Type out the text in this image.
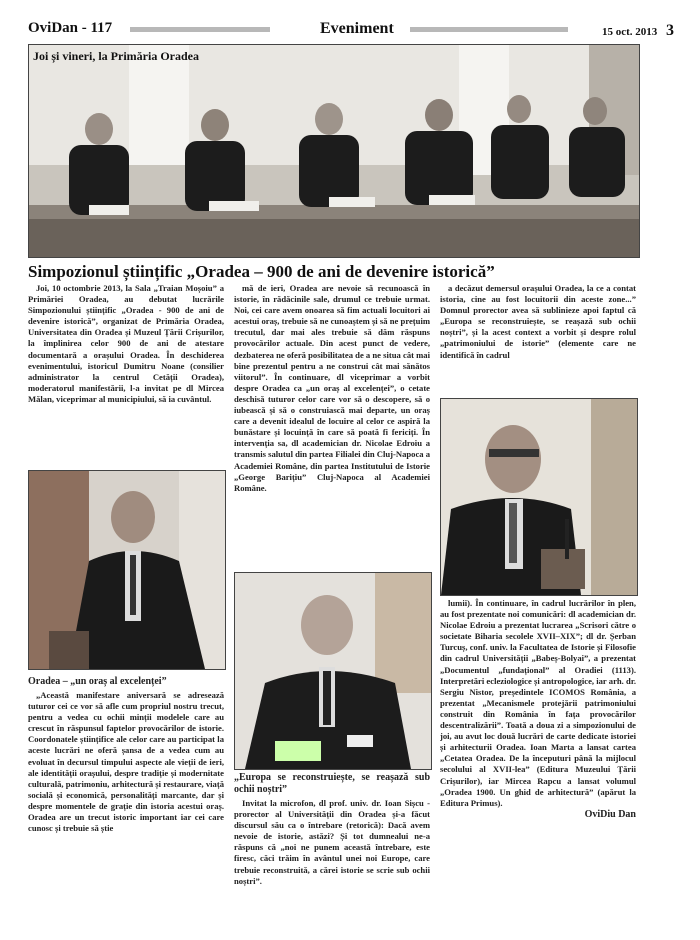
OviDan - 117	Eveniment	15 oct. 2013 3
Joi și vineri, la Primăria Oradea
Simpozionul științific „Oradea – 900 de ani de devenire istorică”

Joi, 10 octombrie 2013, la Sala „Traian Moșoiu” a Primăriei Oradea, au debutat lucrările Simpozionului științific „Oradea - 900 de ani de devenire istorică”, organizat de Primăria Oradea, Universitatea din Oradea și Muzeul Țării Crișurilor, la împlinirea celor 900 de ani de atestare documentară a orașului Oradea. În deschiderea evenimentului, istoricul Dumitru Noane (consilier administrator la centrul Cetății Oradea), moderatorul manifestării, l-a invitat pe dl Mircea Mălan, viceprimar al municipiului, să ia cuvântul.

Oradea – „un oraș al excelenței”

„Această manifestare aniversară se adresează tuturor cei ce vor să afle cum propriul nostru trecut, pentru a vedea cu ochii minții modelele care au crescut în răspunsul faptelor provocărilor de istorie. Coordonatele științifice ale celor care au participat la aceste lucrări ne oferă șansa de a vedea cum au evoluat în decursul timpului aspecte ale vieții de ieri, ale identității orașului, despre tradiție și modernitate culturală, patrimoniu, arhitectură și restaurare, viață socială și economică, personalități marcante, dar și despre momentele de grație din istoria acestui oraș. Oradea are un trecut istoric important iar cei care cunosc și trebuie să știe

mă de ieri, Oradea are nevoie să recunoască în istorie, în rădăcinile sale, drumul ce trebuie urmat. Noi, cei care avem onoarea să fim actuali locuitori ai acestui oraș, trebuie să ne cunoaștem și să ne prețuim trecutul, dar mai ales trebuie să dăm răspuns provocărilor actuale. Din acest punct de vedere, dezbaterea ne oferă posibilitatea de a ne situa cât mai bine prezentul pentru a ne construi cât mai sănătos viitorul”. În continuare, dl viceprimar a vorbit despre Oradea ca „un oraș al excelenței”, o cetate deschisă tuturor celor care vor să o descopere, să o iubească și să o construiască mai departe, un oraș care a devenit idealul de locuire al celor ce aspiră la bunăstare și locuință în care să poată fi fericiți. În intervenția sa, dl academician dr. Nicolae Edroiu a transmis salutul din partea Filialei din Cluj-Napoca a Academiei Române, din partea Institutului de Istorie „George Barițiu” Cluj-Napoca al Academiei Române.

„Europa se reconstruiește, se reașază sub ochii noștri”

Invitat la microfon, dl prof. univ. dr. Ioan Sișcu - prorector al Universității din Oradea și-a făcut discursul său ca o întrebare (retorică): Dacă avem nevoie de istorie, astăzi? Și tot dumnealui ne-a răspuns că „noi ne punem această întrebare, este firesc, căci trăim în avântul unei noi Europe, care trebuie reconstruită, a cărei istorie se scrie sub ochii noștri”.

a decăzut demersul orașului Oradea, la ce a contat istoria, cine au fost locuitorii din aceste zone...” Domnul prorector avea să sublinieze apoi faptul că „Europa se reconstruiește, se reașază sub ochii noștri”, și la acest context a vorbit și despre rolul „patrimoniului de istorie” (elemente care ne identifică în cadrul

lumii). În continuare, în cadrul lucrărilor în plen, au fost prezentate noi comunicări: dl academician dr. Nicolae Edroiu a prezentat lucrarea „Scrisori către o societate Biharia secolele XVII–XIX”; dl dr. Șerban Turcuș, conf. univ. la Facultatea de Istorie și Filosofie din cadrul Universității „Babeș-Bolyai”, a prezentat „Documentul „fundațional” al Oradiei (1113). Interpretări ecleziologice și antropologice, iar arh. dr. Sergiu Nistor, președintele ICOMOS România, a prezentat „Mecanismele protejării patrimoniului construit din România în fața provocărilor descentralizării”. Toată a doua zi a simpozionului de joi, au avut loc două lucrări de carte dedicate istoriei și arhitecturii Oradea. Ioan Marta a lansat cartea „Cetatea Oradea. De la începuturi până la mijlocul secolului al XVII-lea” (Editura Muzeului Țării Crișurilor), iar Mircea Rapcu a lansat volumul „Oradea 1900. Un ghid de arhitectură” (apărut la Editura Primus).

OviDiu Dan
